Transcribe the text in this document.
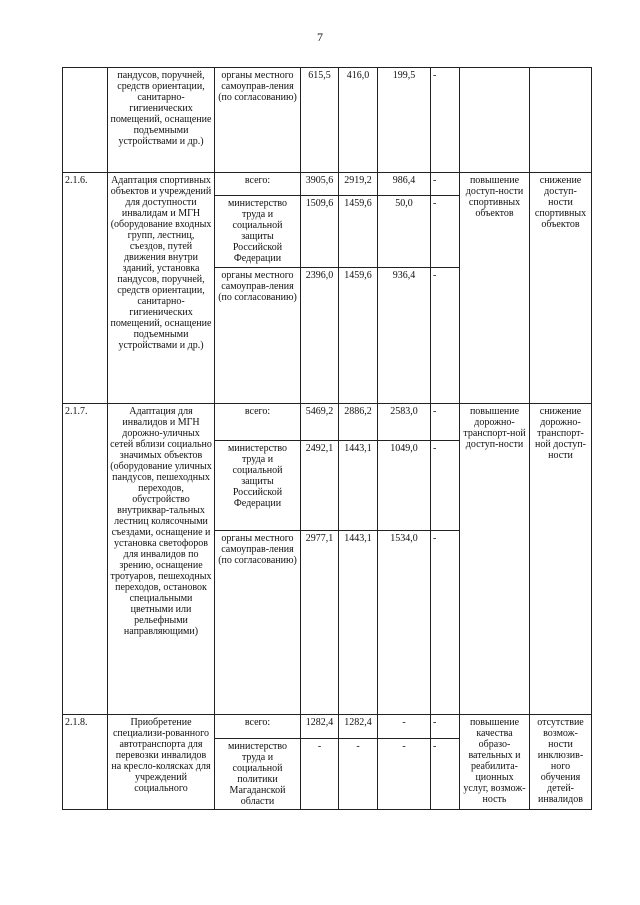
7
	пандусов, поручней, средств ориентации, санитарно-гигиенических помещений, оснащение подъемными устройствами и др.)	органы местного самоуправ-ления (по согласованию)	615,5	416,0	199,5	-		
2.1.6.	Адаптация спортивных объектов и учреждений для доступности инвалидам и МГН (оборудование входных групп, лестниц, съездов, путей движения внутри зданий, установка пандусов, поручней, средств ориентации, санитарно-гигиенических помещений, оснащение подъемными устройствами и др.)	всего:	3905,6	2919,2	986,4	-	повышение доступ-ности спортивных объектов	снижение доступ-ности спортивных объектов
		министерство труда и социальной защиты Российской Федерации	1509,6	1459,6	50,0	-		
		органы местного самоуправ-ления (по согласованию)	2396,0	1459,6	936,4	-		
2.1.7.	Адаптация для инвалидов и МГН дорожно-уличных сетей вблизи социально значимых объектов (оборудование уличных пандусов, пешеходных переходов, обустройство внутриквар-тальных лестниц колясочными съездами, оснащение и установка светофоров для инвалидов по зрению, оснащение тротуаров, пешеходных переходов, остановок специальными цветными или рельефными направляющими)	всего:	5469,2	2886,2	2583,0	-	повышение дорожно-транспорт-ной доступ-ности	снижение дорожно-транспорт-ной доступ-ности
		министерство труда и социальной защиты Российской Федерации	2492,1	1443,1	1049,0	-		
		органы местного самоуправ-ления (по согласованию)	2977,1	1443,1	1534,0	-		
2.1.8.	Приобретение специализи-рованного автотранспорта для перевозки инвалидов на кресло-колясках для учреждений социального	всего:	1282,4	1282,4	-	-	повышение качества образо-вательных и реабилита-ционных услуг, возмож-ность	отсутствие возмож-ности инклюзив-ного обучения детей-инвалидов
		министерство труда и социальной политики Магаданской области	-	-	-	-		
